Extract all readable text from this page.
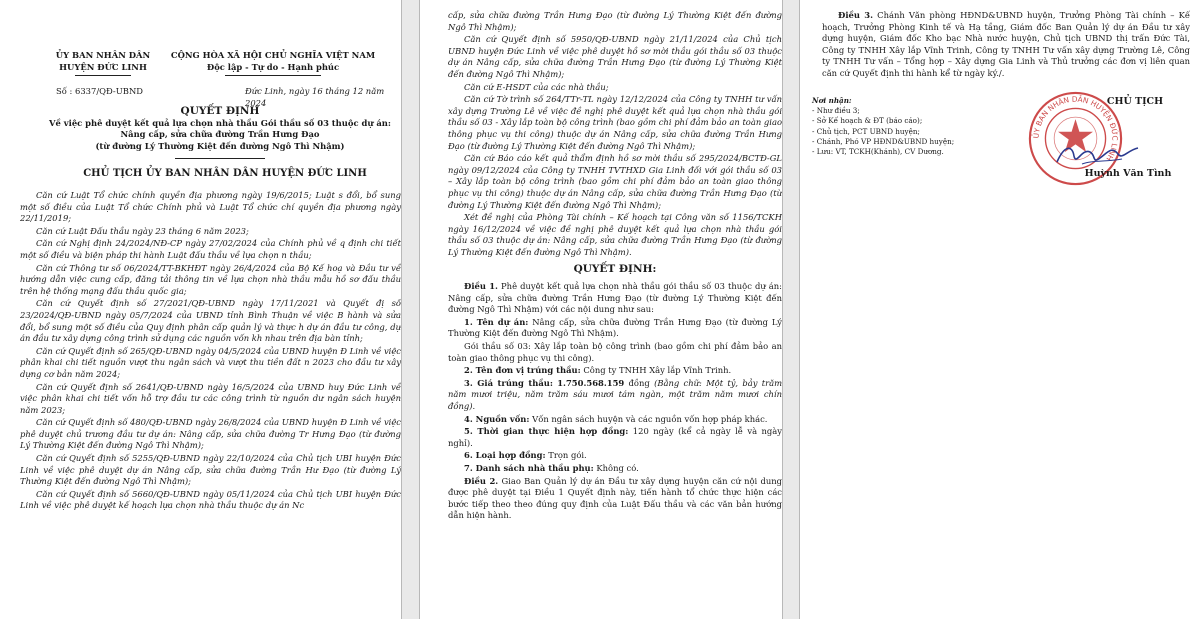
ỦY BAN NHÂN DÂN
HUYỆN ĐỨC LINH
CỘNG HÒA XÃ HỘI CHỦ NGHĨA VIỆT NAM
Độc lập - Tự do - Hạnh phúc
Số : 6337/QĐ-UBND	Đức Linh, ngày 16 tháng 12 năm 2024
QUYẾT ĐỊNH
Về việc phê duyệt kết quả lựa chọn nhà thầu Gói thầu số 03 thuộc dự án:
Nâng cấp, sửa chữa đường Trần Hưng Đạo
(từ đường Lý Thường Kiệt đến đường Ngô Thì Nhậm)
CHỦ TỊCH ỦY BAN NHÂN DÂN HUYỆN ĐỨC LINH

Căn cứ Luật Tổ chức chính quyền địa phương ngày 19/6/2015; Luật s đổi, bổ sung một số điều của Luật Tổ chức Chính phủ và Luật Tổ chức chí quyền địa phương ngày 22/11/2019;

Căn cứ Luật Đấu thầu ngày 23 tháng 6 năm 2023;

Căn cứ Nghị định 24/2024/NĐ-CP ngày 27/02/2024 của Chính phủ về q định chi tiết một số điều và biện pháp thi hành Luật đấu thầu về lựa chọn n thầu;

Căn cứ Thông tư số 06/2024/TT-BKHĐT ngày 26/4/2024 của Bộ Kế hoạ và Đầu tư về hướng dẫn việc cung cấp, đăng tải thông tin về lựa chọn nhà thầu mẫu hồ sơ đấu thầu trên hệ thống mạng đấu thầu quốc gia;

Căn cứ Quyết định số 27/2021/QĐ-UBND ngày 17/11/2021 và Quyết đị số 23/2024/QĐ-UBND ngày 05/7/2024 của UBND tỉnh Bình Thuận về việc B hành và sửa đổi, bổ sung một số điều của Quy định phân cấp quản lý và thực h dự án đầu tư công, dự án đầu tư xây dựng công trình sử dụng các nguồn vốn kh nhau trên địa bàn tỉnh;

Căn cứ Quyết định số 265/QĐ-UBND ngày 04/5/2024 của UBND huyện Đ Linh về việc phân khai chi tiết nguồn vượt thu ngân sách và vượt thu tiền đất n 2023 cho đầu tư xây dựng cơ bản năm 2024;

Căn cứ Quyết định số 2641/QĐ-UBND ngày 16/5/2024 của UBND huy Đức Linh về việc phân khai chi tiết vốn hỗ trợ đầu tư các công trình từ nguồn dư ngân sách huyện năm 2023;

Căn cứ Quyết định số 480/QĐ-UBND ngày 26/8/2024 của UBND huyện Đ Linh về việc phê duyệt chủ trương đầu tư dự án: Nâng cấp, sửa chữa đường Tr Hưng Đạo (từ đường Lý Thường Kiệt đến đường Ngô Thì Nhậm);

Căn cứ Quyết định số 5255/QĐ-UBND ngày 22/10/2024 của Chủ tịch UBI huyện Đức Linh về việc phê duyệt dự án Nâng cấp, sửa chữa đường Trần Hư Đạo (từ đường Lý Thường Kiệt đến đường Ngô Thì Nhậm);

Căn cứ Quyết định số 5660/QĐ-UBND ngày 05/11/2024 của Chủ tịch UBI huyện Đức Linh về việc phê duyệt kế hoạch lựa chọn nhà thầu thuộc dự án Nc

cấp, sửa chữa đường Trần Hưng Đạo (từ đường Lý Thường Kiệt đến đường Ngô Thì Nhậm);

Căn cứ Quyết định số 5950/QĐ-UBND ngày 21/11/2024 của Chủ tịch UBND huyện Đức Linh về việc phê duyệt hồ sơ mời thầu gói thầu số 03 thuộc dự án Nâng cấp, sửa chữa đường Trần Hưng Đạo (từ đường Lý Thường Kiệt đến đường Ngô Thì Nhậm);

Căn cứ E-HSDT của các nhà thầu;

Căn cứ Tờ trình số 264/TTr-TL ngày 12/12/2024 của Công ty TNHH tư vấn xây dựng Trường Lê về việc đề nghị phê duyệt kết quả lựa chọn nhà thầu gói thầu số 03 - Xây lắp toàn bộ công trình (bao gồm chi phí đảm bảo an toàn giao thông phục vụ thi công) thuộc dự án Nâng cấp, sửa chữa đường Trần Hưng Đạo (từ đường Lý Thường Kiệt đến đường Ngô Thì Nhậm);

Căn cứ Báo cáo kết quả thẩm định hồ sơ mời thầu số 295/2024/BCTĐ-GL ngày 09/12/2024 của Công ty TNHH TVTHXD Gia Linh đối với gói thầu số 03 – Xây lắp toàn bộ công trình (bao gồm chi phí đảm bảo an toàn giao thông phục vụ thi công) thuộc dự án Nâng cấp, sửa chữa đường Trần Hưng Đạo (từ đường Lý Thường Kiệt đến đường Ngô Thì Nhậm);

Xét đề nghị của Phòng Tài chính – Kế hoạch tại Công văn số 1156/TCKH ngày 16/12/2024 về việc đề nghị phê duyệt kết quả lựa chọn nhà thầu gói thầu số 03 thuộc dự án: Nâng cấp, sửa chữa đường Trần Hưng Đạo (từ đường Lý Thường Kiệt đến đường Ngô Thì Nhậm).

QUYẾT ĐỊNH:

Điều 1. Phê duyệt kết quả lựa chọn nhà thầu gói thầu số 03 thuộc dự án: Nâng cấp, sửa chữa đường Trần Hưng Đạo (từ đường Lý Thường Kiệt đến đường Ngô Thì Nhậm) với các nội dung như sau:

1. Tên dự án: Nâng cấp, sửa chữa đường Trần Hưng Đạo (từ đường Lý Thường Kiệt đến đường Ngô Thì Nhậm).

Gói thầu số 03: Xây lắp toàn bộ công trình (bao gồm chi phí đảm bảo an toàn giao thông phục vụ thi công).

2. Tên đơn vị trúng thầu: Công ty TNHH Xây lắp Vĩnh Trinh.

3. Giá trúng thầu: 1.750.568.159 đồng (Bằng chữ: Một tỷ, bảy trăm năm mươi triệu, năm trăm sáu mươi tám ngàn, một trăm năm mươi chín đồng).

4. Nguồn vốn: Vốn ngân sách huyện và các nguồn vốn hợp pháp khác.

5. Thời gian thực hiện hợp đồng: 120 ngày (kể cả ngày lễ và ngày nghỉ).

6. Loại hợp đồng: Trọn gói.

7. Danh sách nhà thầu phụ: Không có.

Điều 2. Giao Ban Quản lý dự án Đầu tư xây dựng huyện căn cứ nội dung được phê duyệt tại Điều 1 Quyết định này, tiến hành tổ chức thực hiện các bước tiếp theo theo đúng quy định của Luật Đấu thầu và các văn bản hướng dẫn hiện hành.

Điều 3. Chánh Văn phòng HĐND&UBND huyện, Trưởng Phòng Tài chính – Kế hoạch, Trưởng Phòng Kinh tế và Hạ tầng, Giám đốc Ban Quản lý dự án Đầu tư xây dựng huyện, Giám đốc Kho bạc Nhà nước huyện, Chủ tịch UBND thị trấn Đức Tài, Công ty TNHH Xây lắp Vĩnh Trinh, Công ty TNHH Tư vấn xây dựng Trường Lê, Công ty TNHH Tư vấn – Tổng hợp – Xây dựng Gia Linh và Thủ trưởng các đơn vị liên quan căn cứ Quyết định thi hành kể từ ngày ký./.

Nơi nhận:
- Như điều 3;
- Sở Kế hoạch & ĐT (báo cáo);
- Chủ tịch, PCT UBND huyện;
- Chánh, Phó VP HĐND&UBND huyện;
- Lưu: VT, TCKH(Khánh), CV Dương.
ỦY BAN NHÂN DÂN HUYỆN ĐỨC LINH
CHỦ TỊCH
Huỳnh Văn Tình
